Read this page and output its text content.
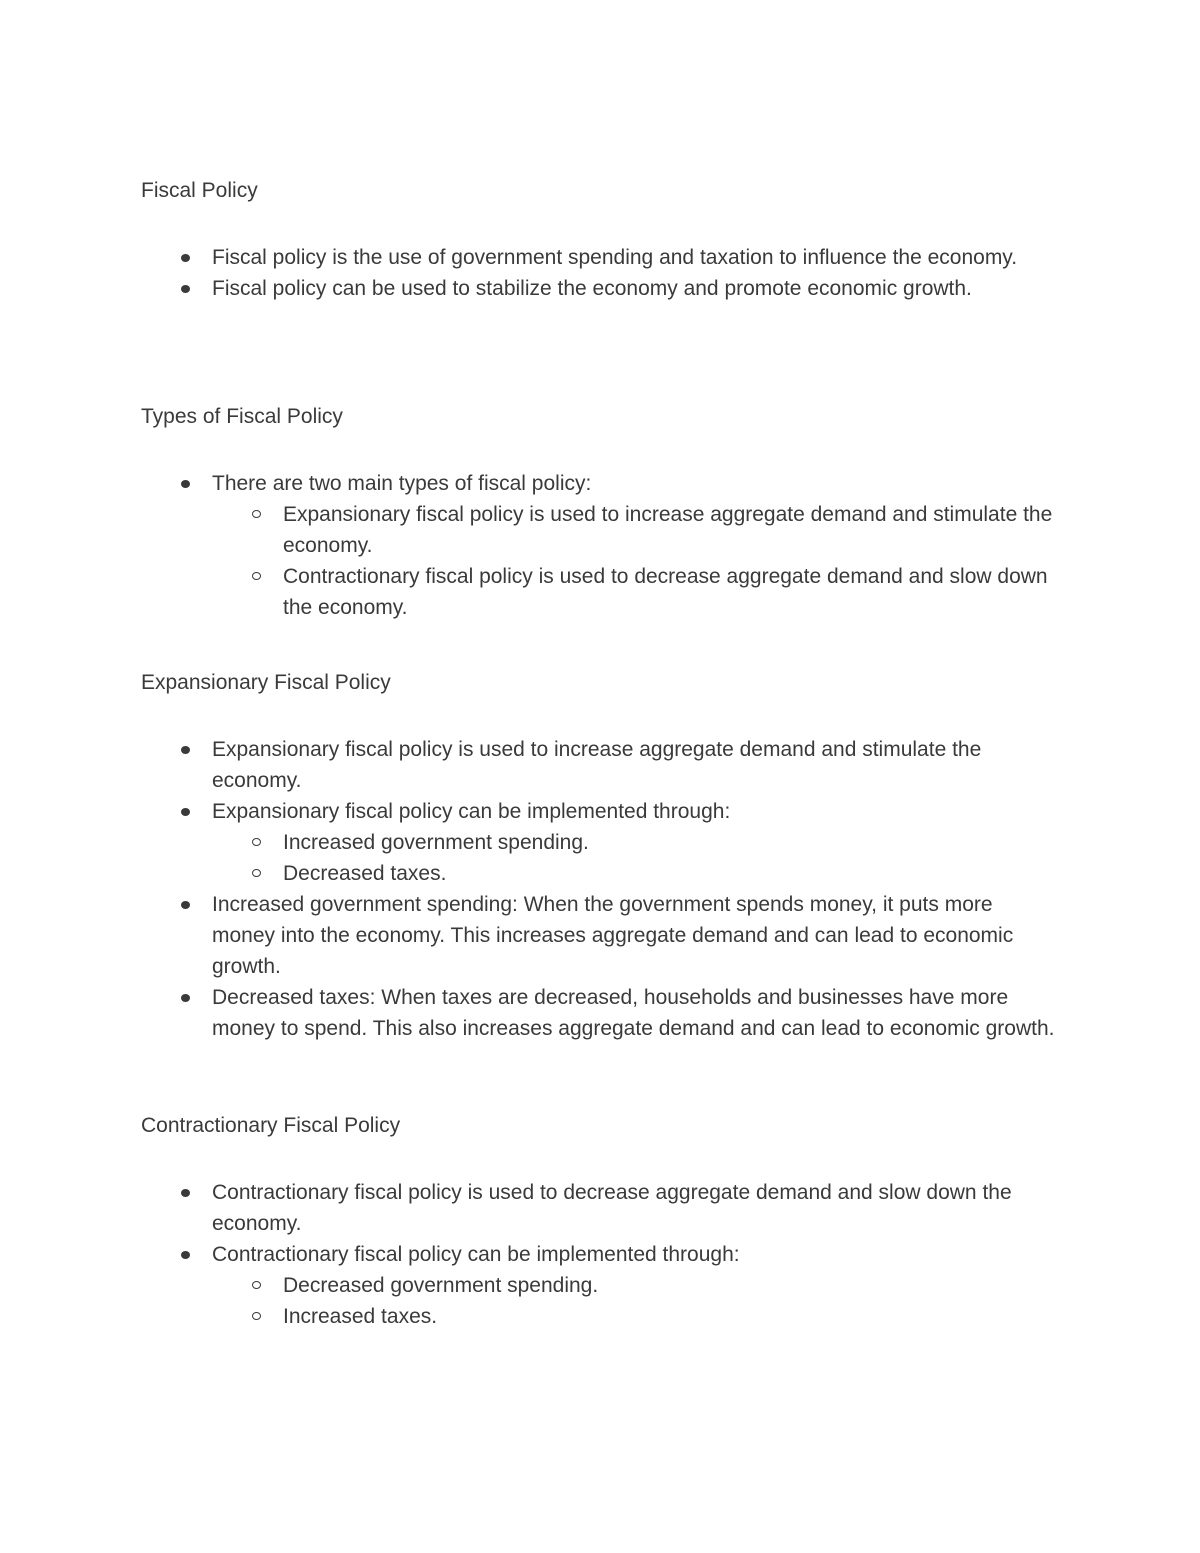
Fiscal Policy
Fiscal policy is the use of government spending and taxation to influence the economy.
Fiscal policy can be used to stabilize the economy and promote economic growth.
Types of Fiscal Policy
There are two main types of fiscal policy:
Expansionary fiscal policy is used to increase aggregate demand and stimulate the economy.
Contractionary fiscal policy is used to decrease aggregate demand and slow down the economy.
Expansionary Fiscal Policy
Expansionary fiscal policy is used to increase aggregate demand and stimulate the economy.
Expansionary fiscal policy can be implemented through:
Increased government spending.
Decreased taxes.
Increased government spending: When the government spends money, it puts more money into the economy. This increases aggregate demand and can lead to economic growth.
Decreased taxes: When taxes are decreased, households and businesses have more money to spend. This also increases aggregate demand and can lead to economic growth.
Contractionary Fiscal Policy
Contractionary fiscal policy is used to decrease aggregate demand and slow down the economy.
Contractionary fiscal policy can be implemented through:
Decreased government spending.
Increased taxes.
